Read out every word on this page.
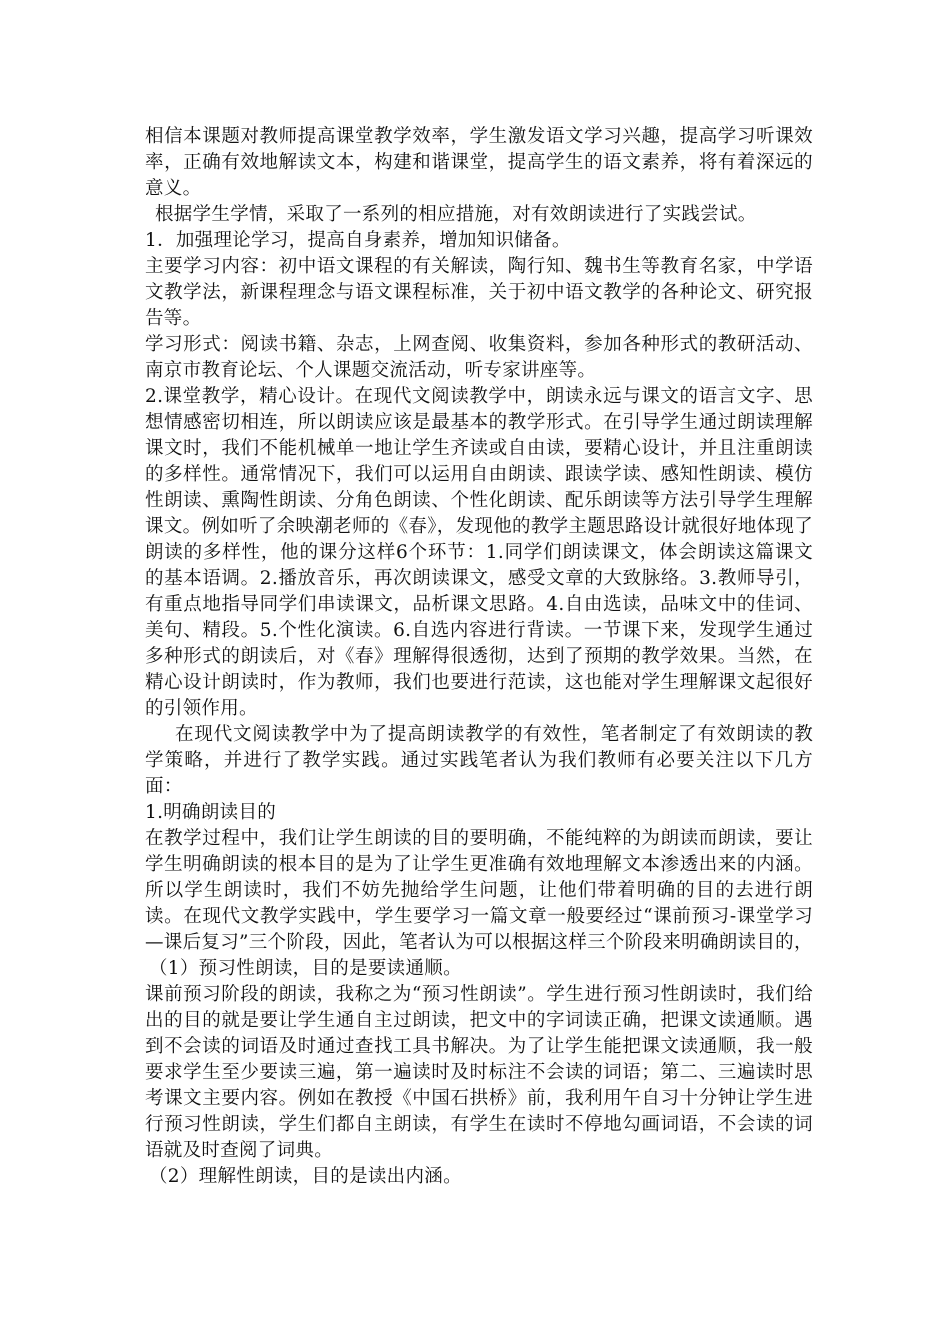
相信本课题对教师提高课堂教学效率，学生激发语文学习兴趣，提高学习听课效率，正确有效地解读文本，构建和谐课堂，提高学生的语文素养，将有着深远的意义。

根据学生学情，采取了一系列的相应措施，对有效朗读进行了实践尝试。

1．加强理论学习，提高自身素养，增加知识储备。

主要学习内容：初中语文课程的有关解读，陶行知、魏书生等教育名家，中学语文教学法，新课程理念与语文课程标准，关于初中语文教学的各种论文、研究报告等。

学习形式：阅读书籍、杂志，上网查阅、收集资料，参加各种形式的教研活动、南京市教育论坛、个人课题交流活动，听专家讲座等。

2.课堂教学，精心设计。在现代文阅读教学中，朗读永远与课文的语言文字、思想情感密切相连，所以朗读应该是最基本的教学形式。在引导学生通过朗读理解课文时，我们不能机械单一地让学生齐读或自由读，要精心设计，并且注重朗读的多样性。通常情况下，我们可以运用自由朗读、跟读学读、感知性朗读、模仿性朗读、熏陶性朗读、分角色朗读、个性化朗读、配乐朗读等方法引导学生理解课文。例如听了余映潮老师的《春》，发现他的教学主题思路设计就很好地体现了朗读的多样性，他的课分这样6个环节：1.同学们朗读课文，体会朗读这篇课文的基本语调。2.播放音乐，再次朗读课文，感受文章的大致脉络。3.教师导引，有重点地指导同学们串读课文，品析课文思路。4.自由选读，品味文中的佳词、美句、精段。5.个性化演读。6.自选内容进行背读。一节课下来，发现学生通过多种形式的朗读后，对《春》理解得很透彻，达到了预期的教学效果。当然，在精心设计朗读时，作为教师，我们也要进行范读，这也能对学生理解课文起很好的引领作用。

在现代文阅读教学中为了提高朗读教学的有效性，笔者制定了有效朗读的教学策略，并进行了教学实践。通过实践笔者认为我们教师有必要关注以下几方面：

1.明确朗读目的

在教学过程中，我们让学生朗读的目的要明确，不能纯粹的为朗读而朗读，要让学生明确朗读的根本目的是为了让学生更准确有效地理解文本渗透出来的内涵。所以学生朗读时，我们不妨先抛给学生问题，让他们带着明确的目的去进行朗读。在现代文教学实践中，学生要学习一篇文章一般要经过“课前预习-课堂学习—课后复习”三个阶段，因此，笔者认为可以根据这样三个阶段来明确朗读目的，

（1）预习性朗读，目的是要读通顺。

课前预习阶段的朗读，我称之为“预习性朗读”。学生进行预习性朗读时，我们给出的目的就是要让学生通自主过朗读，把文中的字词读正确，把课文读通顺。遇到不会读的词语及时通过查找工具书解决。为了让学生能把课文读通顺，我一般要求学生至少要读三遍，第一遍读时及时标注不会读的词语；第二、三遍读时思考课文主要内容。例如在教授《中国石拱桥》前，我利用午自习十分钟让学生进行预习性朗读，学生们都自主朗读，有学生在读时不停地勾画词语，不会读的词语就及时查阅了词典。

（2）理解性朗读，目的是读出内涵。
